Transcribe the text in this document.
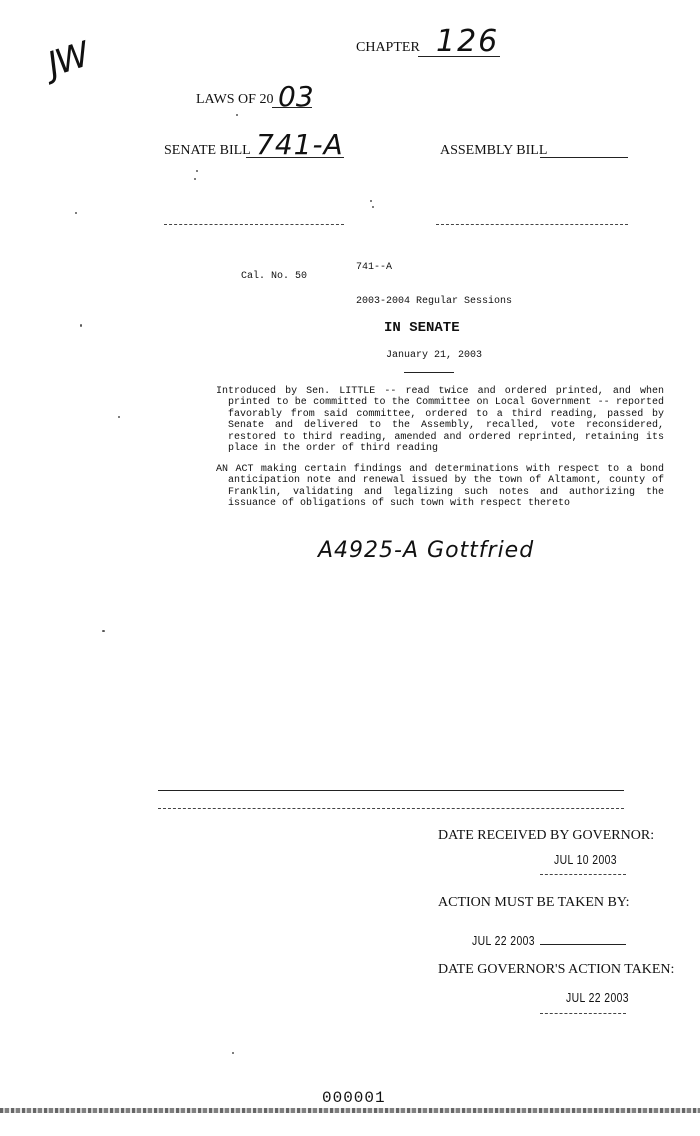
JW	CHAPTER 126
LAWS OF 20 03
SENATE BILL 741-A	ASSEMBLY BILL
741--A
Cal. No. 50
2003-2004 Regular Sessions
IN SENATE
January 21, 2003
Introduced by Sen. LITTLE -- read twice and ordered printed, and when printed to be committed to the Committee on Local Government -- reported favorably from said committee, ordered to a third reading, passed by Senate and delivered to the Assembly, recalled, vote reconsidered, restored to third reading, amended and ordered reprinted, retaining its place in the order of third reading
AN ACT making certain findings and determinations with respect to a bond anticipation note and renewal issued by the town of Altamont, county of Franklin, validating and legalizing such notes and authorizing the issuance of obligations of such town with respect thereto
A4925-A Gottfried
DATE RECEIVED BY GOVERNOR:
JUL 10 2003
ACTION MUST BE TAKEN BY:
JUL 22 2003
DATE GOVERNOR'S ACTION TAKEN:
JUL 22 2003
000001
